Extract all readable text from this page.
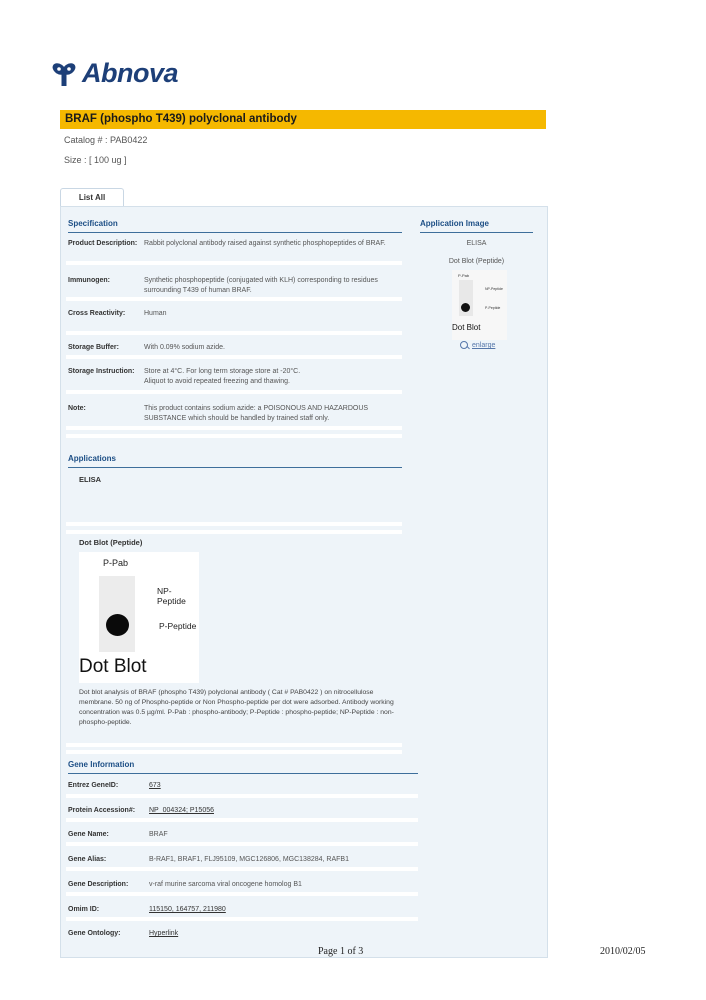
Abnova
BRAF (phospho T439) polyclonal antibody
Catalog # : PAB0422
Size : [ 100 ug ]
List All
Specification
Product Description: Rabbit polyclonal antibody raised against synthetic phosphopeptides of BRAF.
Immunogen:	Synthetic phosphopeptide (conjugated with KLH) corresponding to residues surrounding T439 of human BRAF.
Cross Reactivity:	Human
Storage Buffer:	With 0.09% sodium azide.
Storage Instruction:	Store at 4°C. For long term storage store at -20°C.
Aliquot to avoid repeated freezing and thawing.
Note:	This product contains sodium azide: a POISONOUS AND HAZARDOUS SUBSTANCE which should be handled by trained staff only.
Application Image
ELISA
Dot Blot (Peptide)
P-Pab
NP-Peptide
P-Peptide
Dot Blot
enlarge
Applications
ELISA
Dot Blot (Peptide)
P-Pab
NP-Peptide
P-Peptide
Dot Blot
Dot blot analysis of BRAF (phospho T439) polyclonal antibody ( Cat # PAB0422 ) on nitrocellulose membrane. 50 ng of Phospho-peptide or Non Phospho-peptide per dot were adsorbed. Antibody working concentration was 0.5 µg/ml. P-Pab : phospho-antibody; P-Peptide : phospho-peptide; NP-Peptide : non-phospho-peptide.
Gene Information
Entrez GeneID:	673
Protein Accession#:	NP_004324; P15056
Gene Name:	BRAF
Gene Alias:	B-RAF1, BRAF1, FLJ95109, MGC126806, MGC138284, RAFB1
Gene Description:	v-raf murine sarcoma viral oncogene homolog B1
Omim ID:	115150, 164757, 211980
Gene Ontology:	Hyperlink
Page 1 of 3	2010/02/05
